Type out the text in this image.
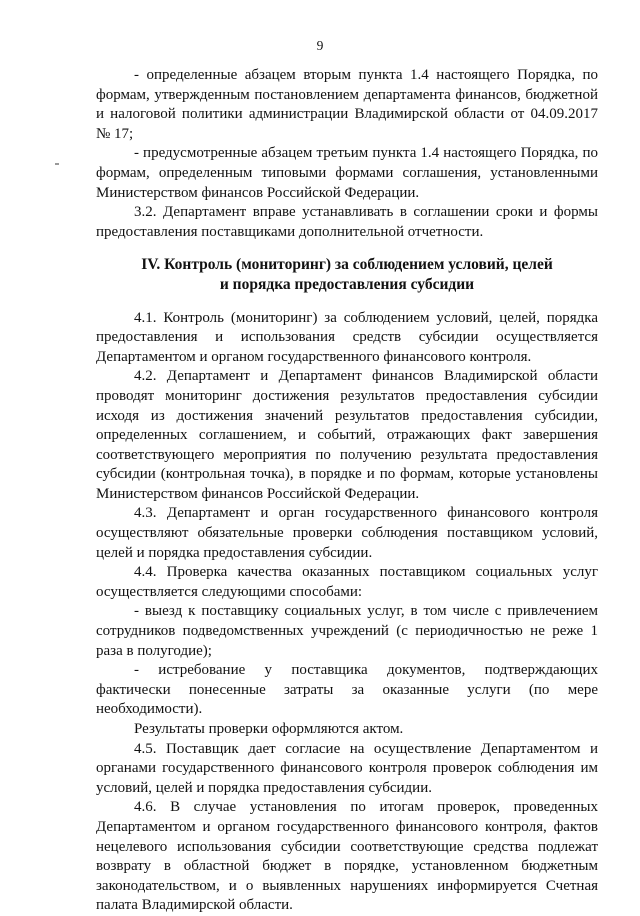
9

- определенные абзацем вторым пункта 1.4 настоящего Порядка, по формам, утвержденным постановлением департамента финансов, бюджетной и налоговой политики администрации Владимирской области от 04.09.2017 № 17;

- предусмотренные абзацем третьим пункта 1.4 настоящего Порядка, по формам, определенным типовыми формами соглашения, установленными Министерством финансов Российской Федерации.

3.2. Департамент вправе устанавливать в соглашении сроки и формы предоставления поставщиками дополнительной отчетности.

IV. Контроль (мониторинг) за соблюдением условий, целей
и порядка предоставления субсидии

4.1. Контроль (мониторинг) за соблюдением условий, целей, порядка предоставления и использования средств субсидии осуществляется Департаментом и органом государственного финансового контроля.

4.2. Департамент и Департамент финансов Владимирской области проводят мониторинг достижения результатов предоставления субсидии исходя из достижения значений результатов предоставления субсидии, определенных соглашением, и событий, отражающих факт завершения соответствующего мероприятия по получению результата предоставления субсидии (контрольная точка), в порядке и по формам, которые установлены Министерством финансов Российской Федерации.

4.3. Департамент и орган государственного финансового контроля осуществляют обязательные проверки соблюдения поставщиком условий, целей и порядка предоставления субсидии.

4.4. Проверка качества оказанных поставщиком социальных услуг осуществляется следующими способами:

- выезд к поставщику социальных услуг, в том числе с привлечением сотрудников подведомственных учреждений (с периодичностью не реже 1 раза в полугодие);

- истребование у поставщика документов, подтверждающих фактически понесенные затраты за оказанные услуги (по мере необходимости).

Результаты проверки оформляются актом.

4.5. Поставщик дает согласие на осуществление Департаментом и органами государственного финансового контроля проверок соблюдения им условий, целей и порядка предоставления субсидии.

4.6. В случае установления по итогам проверок, проведенных Департаментом и органом государственного финансового контроля, фактов нецелевого использования субсидии соответствующие средства подлежат возврату в областной бюджет в порядке, установленном бюджетным законодательством, и о выявленных нарушениях информируется Счетная палата Владимирской области.
